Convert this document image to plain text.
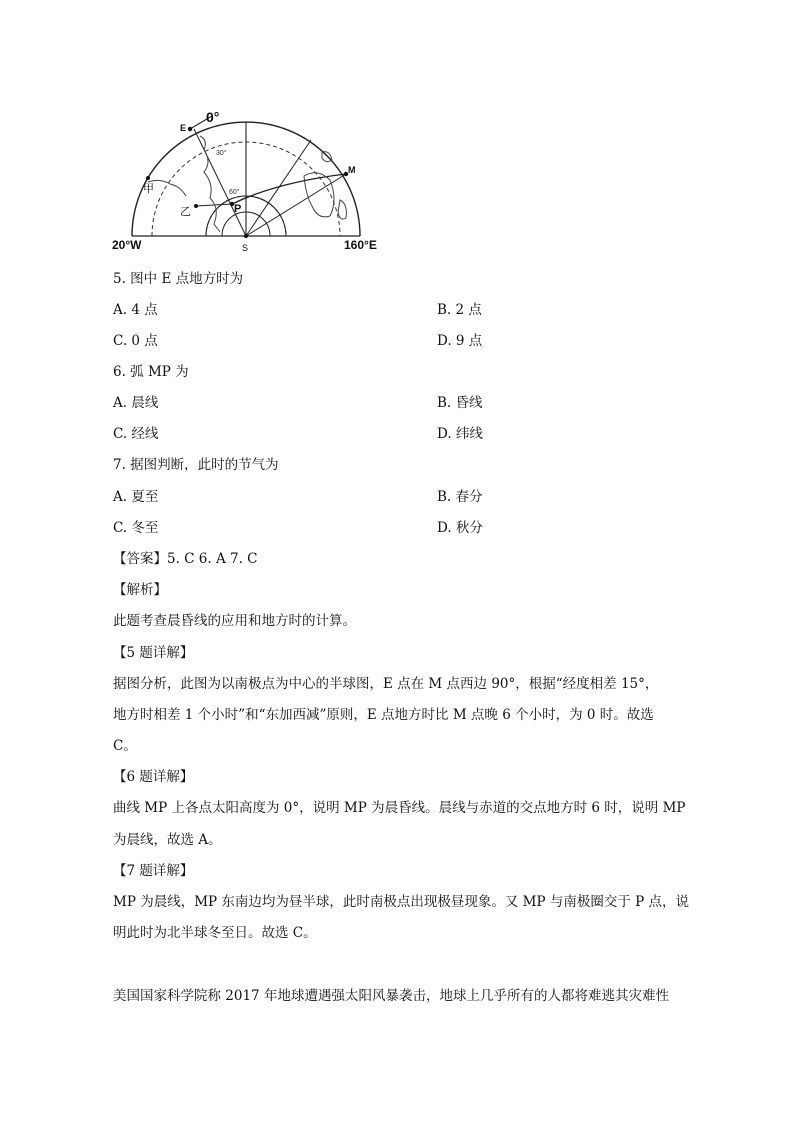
0°
30°
60°
E
M
P
甲
乙
S
20°W	160°E
5. 图中 E 点地方时为
A. 4 点	B. 2 点
C. 0 点	D. 9 点
6. 弧 MP 为
A. 晨线	B. 昏线
C. 经线	D. 纬线
7. 据图判断，此时的节气为
A. 夏至	B. 春分
C. 冬至	D. 秋分
【答案】5. C 6. A 7. C
【解析】
此题考查晨昏线的应用和地方时的计算。
【5 题详解】
据图分析，此图为以南极点为中心的半球图，E 点在 M 点西边 90°，根据“经度相差 15°，
地方时相差 1 个小时”和“东加西减”原则，E 点地方时比 M 点晚 6 个小时，为 0 时。故选
C。
【6 题详解】
曲线 MP 上各点太阳高度为 0°，说明 MP 为晨昏线。晨线与赤道的交点地方时 6 时，说明 MP
为晨线，故选 A。
【7 题详解】
MP 为晨线，MP 东南边均为昼半球，此时南极点出现极昼现象。又 MP 与南极圈交于 P 点，说
明此时为北半球冬至日。故选 C。
美国国家科学院称 2017 年地球遭遇强太阳风暴袭击，地球上几乎所有的人都将难逃其灾难性
